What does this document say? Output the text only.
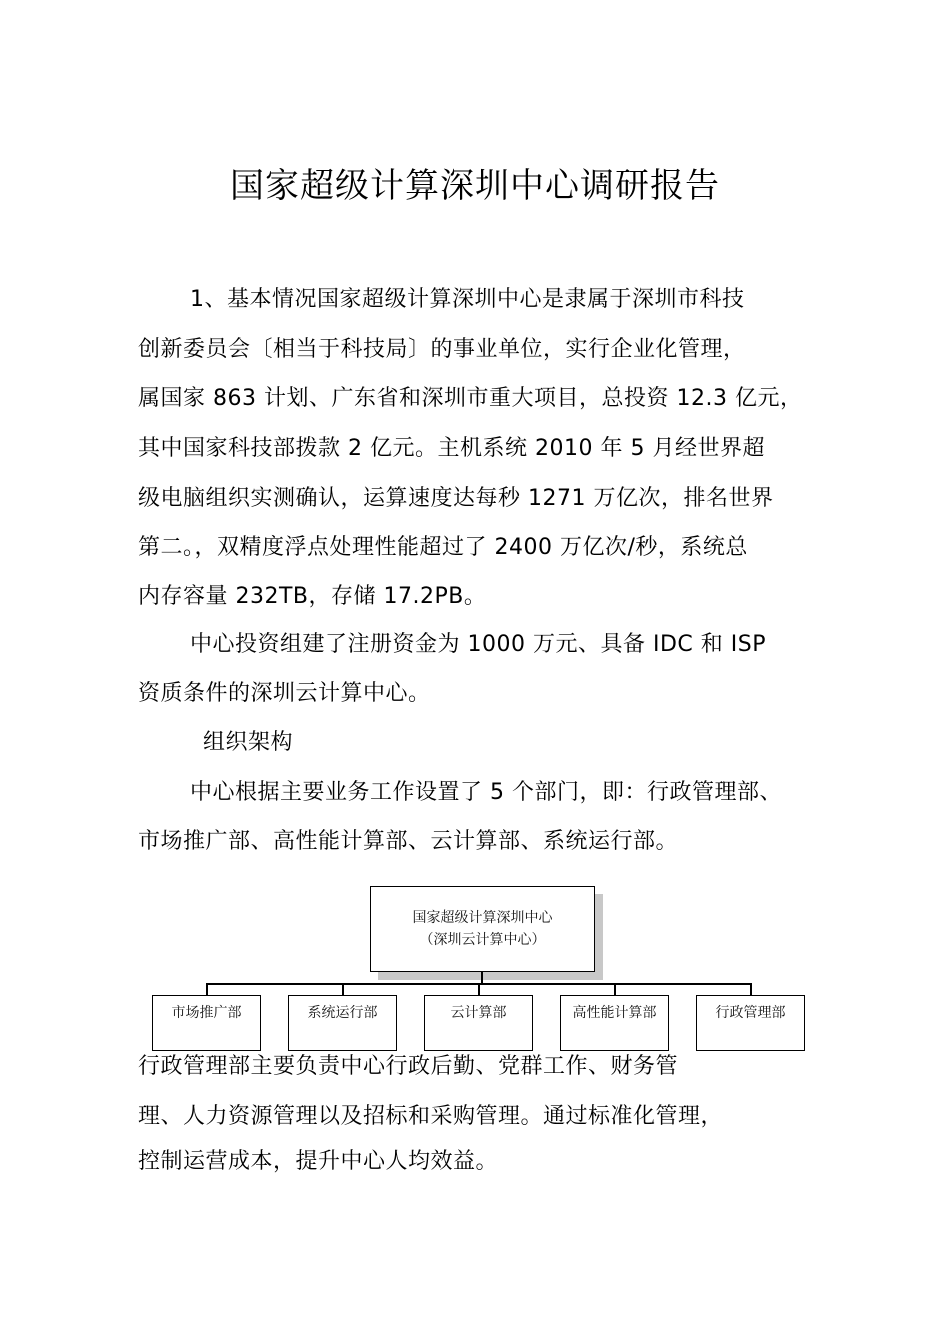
国家超级计算深圳中心调研报告
1、基本情况国家超级计算深圳中心是隶属于深圳市科技
创新委员会〔相当于科技局〕的事业单位，实行企业化管理，
属国家 863 计划、广东省和深圳市重大项目，总投资 12.3 亿元，
其中国家科技部拨款 2 亿元。主机系统 2010 年 5 月经世界超
级电脑组织实测确认，运算速度达每秒 1271 万亿次，排名世界
第二。，双精度浮点处理性能超过了 2400 万亿次/秒，系统总
内存容量 232TB，存储 17.2PB。
中心投资组建了注册资金为 1000 万元、具备 IDC 和 ISP
资质条件的深圳云计算中心。
组织架构
中心根据主要业务工作设置了 5 个部门，即：行政管理部、
市场推广部、高性能计算部、云计算部、系统运行部。
国家超级计算深圳中心
（深圳云计算中心）
市场推广部	系统运行部	云计算部	高性能计算部	行政管理部
行政管理部主要负责中心行政后勤、党群工作、财务管
理、人力资源管理以及招标和采购管理。通过标准化管理，
控制运营成本，提升中心人均效益。
